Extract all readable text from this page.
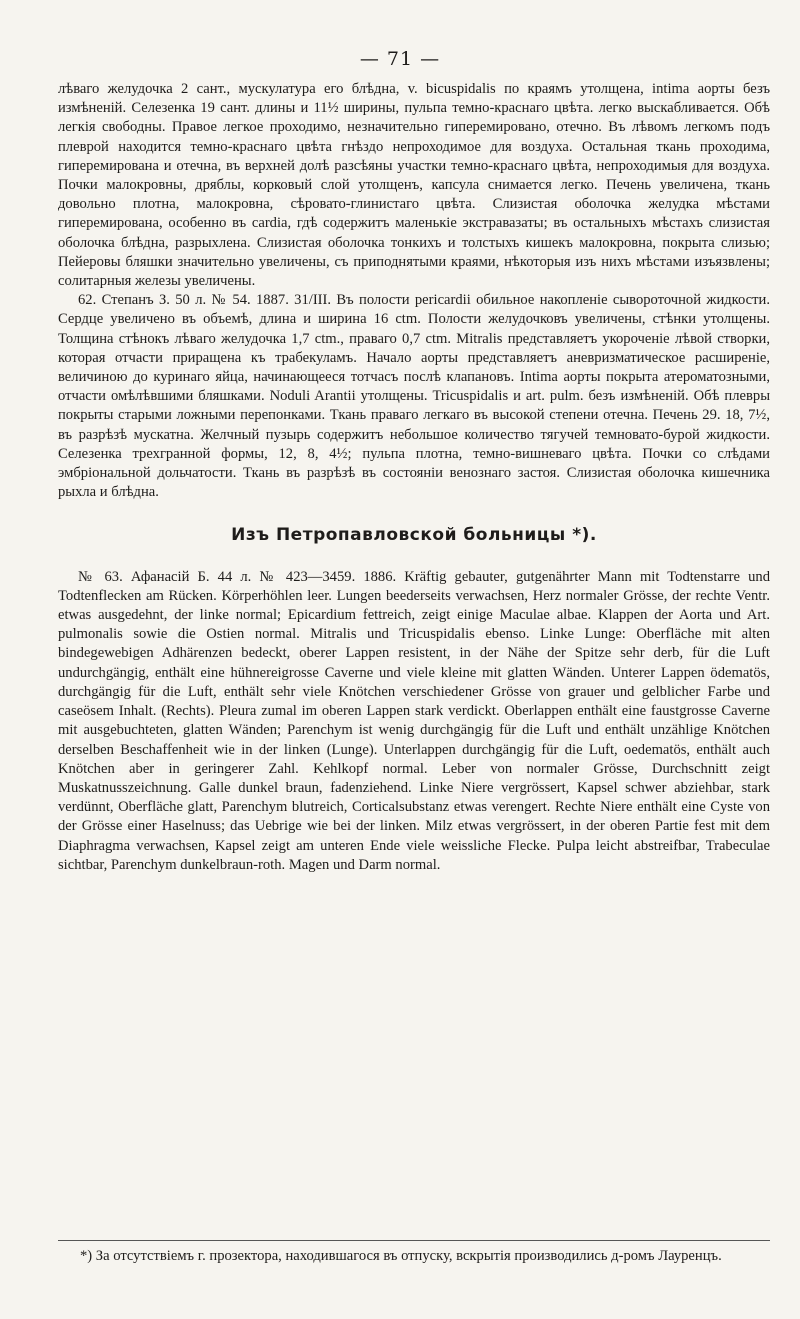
— 71 —

лѣваго желудочка 2 сант., мускулатура его блѣдна, v. bicuspidalis по краямъ утолщена, intima аорты безъ измѣненій. Селезенка 19 сант. длины и 11½ ширины, пульпа темно-краснаго цвѣта. легко выскабливается. Обѣ легкія свободны. Правое легкое проходимо, незначительно гиперемировано, отечно. Въ лѣвомъ легкомъ подъ плеврой находится темно-краснаго цвѣта гнѣздо непроходимое для воздуха. Остальная ткань проходима, гиперемирована и отечна, въ верхней долѣ разсѣяны участки темно-краснаго цвѣта, непроходимыя для воздуха. Почки малокровны, дряблы, корковый слой утолщенъ, капсула снимается легко. Печень увеличена, ткань довольно плотна, малокровна, сѣровато-глинистаго цвѣта. Слизистая оболочка желудка мѣстами гиперемирована, особенно въ cardia, гдѣ содержитъ маленькіе экстравазаты; въ остальныхъ мѣстахъ слизистая оболочка блѣдна, разрыхлена. Слизистая оболочка тонкихъ и толстыхъ кишекъ малокровна, покрыта слизью; Пейеровы бляшки значительно увеличены, съ приподнятыми краями, нѣкоторыя изъ нихъ мѣстами изъязвлены; солитарныя железы увеличены.

62. Степанъ З. 50 л. № 54. 1887. 31/III. Въ полости pericardii обильное накопленіе сывороточной жидкости. Сердце увеличено въ объемѣ, длина и ширина 16 ctm. Полости желудочковъ увеличены, стѣнки утолщены. Толщина стѣнокъ лѣваго желудочка 1,7 ctm., праваго 0,7 ctm. Mitralis представляетъ укороченіе лѣвой створки, которая отчасти приращена къ трабекуламъ. Начало аорты представляетъ аневризматическое расширеніе, величиною до куринаго яйца, начинающееся тотчасъ послѣ клапановъ. Intima аорты покрыта атероматозными, отчасти омѣлѣвшими бляшками. Noduli Arantii утолщены. Tricuspidalis и art. pulm. безъ измѣненій. Обѣ плевры покрыты старыми ложными перепонками. Ткань праваго легкаго въ высокой степени отечна. Печень 29. 18, 7½, въ разрѣзѣ мускатна. Желчный пузырь содержитъ небольшое количество тягучей темновато-бурой жидкости. Селезенка трехгранной формы, 12, 8, 4½; пульпа плотна, темно-вишневаго цвѣта. Почки со слѣдами эмбріональной дольчатости. Ткань въ разрѣзѣ въ состояніи венознаго застоя. Слизистая оболочка кишечника рыхла и блѣдна.

Изъ Петропавловской больницы *).

№ 63. Афанасій Б. 44 л. № 423—3459. 1886. Kräftig gebauter, gutgenährter Mann mit Todtenstarre und Todtenflecken am Rücken. Körperhöhlen leer. Lungen beederseits verwachsen, Herz normaler Grösse, der rechte Ventr. etwas ausgedehnt, der linke normal; Epicardium fettreich, zeigt einige Maculae albae. Klappen der Aorta und Art. pulmonalis sowie die Ostien normal. Mitralis und Tricuspidalis ebenso. Linke Lunge: Oberfläche mit alten bindegewebigen Adhärenzen bedeckt, oberer Lappen resistent, in der Nähe der Spitze sehr derb, für die Luft undurchgängig, enthält eine hühnereigrosse Caverne und viele kleine mit glatten Wänden. Unterer Lappen ödematös, durchgängig für die Luft, enthält sehr viele Knötchen verschiedener Grösse von grauer und gelblicher Farbe und caseösem Inhalt. (Rechts). Pleura zumal im oberen Lappen stark verdickt. Oberlappen enthält eine faustgrosse Caverne mit ausgebuchteten, glatten Wänden; Parenchym ist wenig durchgängig für die Luft und enthält unzählige Knötchen derselben Beschaffenheit wie in der linken (Lunge). Unterlappen durchgängig für die Luft, oedematös, enthält auch Knötchen aber in geringerer Zahl. Kehlkopf normal. Leber von normaler Grösse, Durchschnitt zeigt Muskatnusszeichnung. Galle dunkel braun, fadenziehend. Linke Niere vergrössert, Kapsel schwer abziehbar, stark verdünnt, Oberfläche glatt, Parenchym blutreich, Corticalsubstanz etwas verengert. Rechte Niere enthält eine Cyste von der Grösse einer Haselnuss; das Uebrige wie bei der linken. Milz etwas vergrössert, in der oberen Partie fest mit dem Diaphragma verwachsen, Kapsel zeigt am unteren Ende viele weissliche Flecke. Pulpa leicht abstreifbar, Trabeculae sichtbar, Parenchym dunkelbraun-roth. Magen und Darm normal.

*) За отсутствіемъ г. прозектора, находившагося въ отпуску, вскрытія производились д-ромъ Лауренцъ.
